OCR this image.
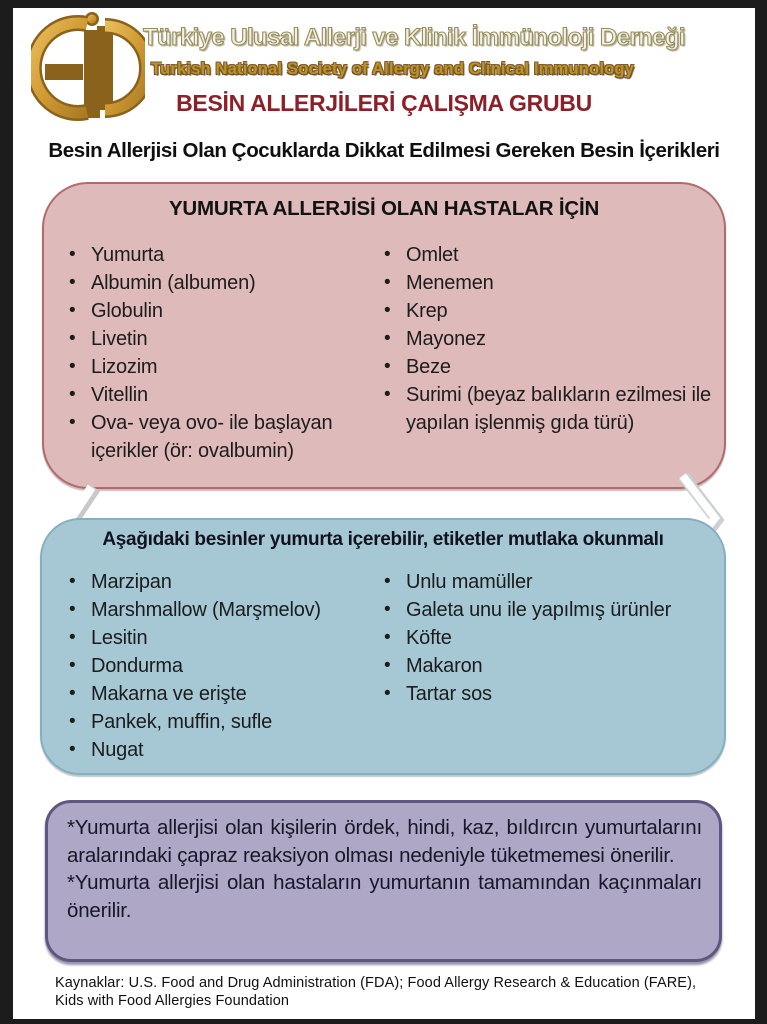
Türkiye Ulusal Allerji ve Klinik İmmünoloji Derneği
Turkish National Society of Allergy and Clinical Immunology
BESİN ALLERJİLERİ ÇALIŞMA GRUBU
Besin Allerjisi Olan Çocuklarda Dikkat Edilmesi Gereken Besin İçerikleri
YUMURTA ALLERJİSİ OLAN HASTALAR İÇİN
• Yumurta
• Albumin (albumen)
• Globulin
• Livetin
• Lizozim
• Vitellin
• Ova- veya ovo- ile başlayan içerikler (ör: ovalbumin)
• Omlet
• Menemen
• Krep
• Mayonez
• Beze
• Surimi (beyaz balıkların ezilmesi ile yapılan işlenmiş gıda türü)
Aşağıdaki besinler yumurta içerebilir, etiketler mutlaka okunmalı
• Marzipan
• Marshmallow (Marşmelov)
• Lesitin
• Dondurma
• Makarna ve erişte
• Pankek, muffin, sufle
• Nugat
• Unlu mamüller
• Galeta unu ile yapılmış ürünler
• Köfte
• Makaron
• Tartar sos

*Yumurta allerjisi olan kişilerin ördek, hindi, kaz, bıldırcın yumurtalarını aralarındaki çapraz reaksiyon olması nedeniyle tüketmemesi önerilir.

*Yumurta allerjisi olan hastaların yumurtanın tamamından kaçınmaları önerilir.

Kaynaklar: U.S. Food and Drug Administration (FDA); Food Allergy Research & Education (FARE), Kids with Food Allergies Foundation
